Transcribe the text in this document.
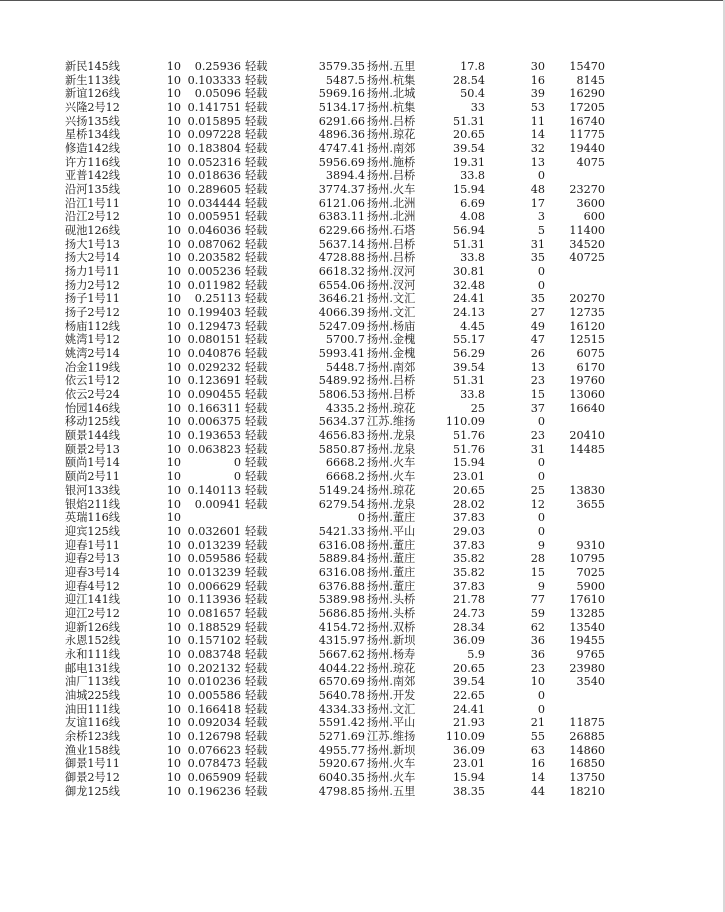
新民145线	10	0.25936 轻载	3579.35 扬州.五里	17.8	30	15470
新生113线	10 0.103333 轻载	5487.5 扬州.杭集	28.54	16	8145
新谊126线	10	0.05096 轻载	5969.16 扬州.北城	50.4	39	16290
兴隆2号12	10 0.141751 轻载	5134.17 扬州.杭集	33	53	17205
兴扬135线	10 0.015895 轻载	6291.66 扬州.吕桥	51.31	11	16740
星桥134线	10 0.097228 轻载	4896.36 扬州.琼花	20.65	14	11775
修造142线	10 0.183804 轻载	4747.41 扬州.南郊	39.54	32	19440
许方116线	10 0.052316 轻载	5956.69 扬州.施桥	19.31	13	4075
亚普142线	10 0.018636 轻载	3894.4 扬州.吕桥	33.8	0
沿河135线	10 0.289605 轻载	3774.37 扬州.火车	15.94	48	23270
沿江1号11	10 0.034444 轻载	6121.06 扬州.北洲	6.69	17	3600
沿江2号12	10 0.005951 轻载	6383.11 扬州.北洲	4.08	3	600
砚池126线	10 0.046036 轻载	6229.66 扬州.石塔	56.94	5	11400
扬大1号13	10 0.087062 轻载	5637.14 扬州.吕桥	51.31	31	34520
扬大2号14	10 0.203582 轻载	4728.88 扬州.吕桥	33.8	35	40725
扬力1号11	10 0.005236 轻载	6618.32 扬州.汊河	30.81	0
扬力2号12	10 0.011982 轻载	6554.06 扬州.汊河	32.48	0
扬子1号11	10	0.25113 轻载	3646.21 扬州.文汇	24.41	35	20270
扬子2号12	10 0.199403 轻载	4066.39 扬州.文汇	24.13	27	12735
杨庙112线	10 0.129473 轻载	5247.09 扬州.杨庙	4.45	49	16120
姚湾1号12	10 0.080151 轻载	5700.7 扬州.金槐	55.17	47	12515
姚湾2号14	10 0.040876 轻载	5993.41 扬州.金槐	56.29	26	6075
冶金119线	10 0.029232 轻载	5448.7 扬州.南郊	39.54	13	6170
依云1号12	10 0.123691 轻载	5489.92 扬州.吕桥	51.31	23	19760
依云2号24	10 0.090455 轻载	5806.53 扬州.吕桥	33.8	15	13060
怡园146线	10 0.166311 轻载	4335.2 扬州.琼花	25	37	16640
移动125线	10 0.006375 轻载	5634.37 江苏.维扬	110.09	0
颐景144线	10 0.193653 轻载	4656.83 扬州.龙泉	51.76	23	20410
颐景2号13	10 0.063823 轻载	5850.87 扬州.龙泉	51.76	31	14485
颐尚1号14	10	0 轻载	6668.2 扬州.火车	15.94	0
颐尚2号11	10	0 轻载	6668.2 扬州.火车	23.01	0
银河133线	10 0.140113 轻载	5149.24 扬州.琼花	20.65	25	13830
银焰211线	10	0.00941 轻载	6279.54 扬州.龙泉	28.02	12	3655
英瑞116线	10	0 扬州.董庄	37.83	0
迎宾125线	10 0.032601 轻载	5421.33 扬州.平山	29.03	0
迎春1号11	10 0.013239 轻载	6316.08 扬州.董庄	37.83	9	9310
迎春2号13	10 0.059586 轻载	5889.84 扬州.董庄	35.82	28	10795
迎春3号14	10 0.013239 轻载	6316.08 扬州.董庄	35.82	15	7025
迎春4号12	10 0.006629 轻载	6376.88 扬州.董庄	37.83	9	5900
迎江141线	10 0.113936 轻载	5389.98 扬州.头桥	21.78	77	17610
迎江2号12	10 0.081657 轻载	5686.85 扬州.头桥	24.73	59	13285
迎新126线	10 0.188529 轻载	4154.72 扬州.双桥	28.34	62	13540
永恩152线	10 0.157102 轻载	4315.97 扬州.新坝	36.09	36	19455
永和111线	10 0.083748 轻载	5667.62 扬州.杨寿	5.9	36	9765
邮电131线	10 0.202132 轻载	4044.22 扬州.琼花	20.65	23	23980
油厂113线	10 0.010236 轻载	6570.69 扬州.南郊	39.54	10	3540
油城225线	10 0.005586 轻载	5640.78 扬州.开发	22.65	0
油田111线	10 0.166418 轻载	4334.33 扬州.文汇	24.41	0
友谊116线	10 0.092034 轻载	5591.42 扬州.平山	21.93	21	11875
余桥123线	10 0.126798 轻载	5271.69 江苏.维扬	110.09	55	26885
渔业158线	10 0.076623 轻载	4955.77 扬州.新坝	36.09	63	14860
御景1号11	10 0.078473 轻载	5920.67 扬州.火车	23.01	16	16850
御景2号12	10 0.065909 轻载	6040.35 扬州.火车	15.94	14	13750
御龙125线	10 0.196236 轻载	4798.85 扬州.五里	38.35	44	18210
